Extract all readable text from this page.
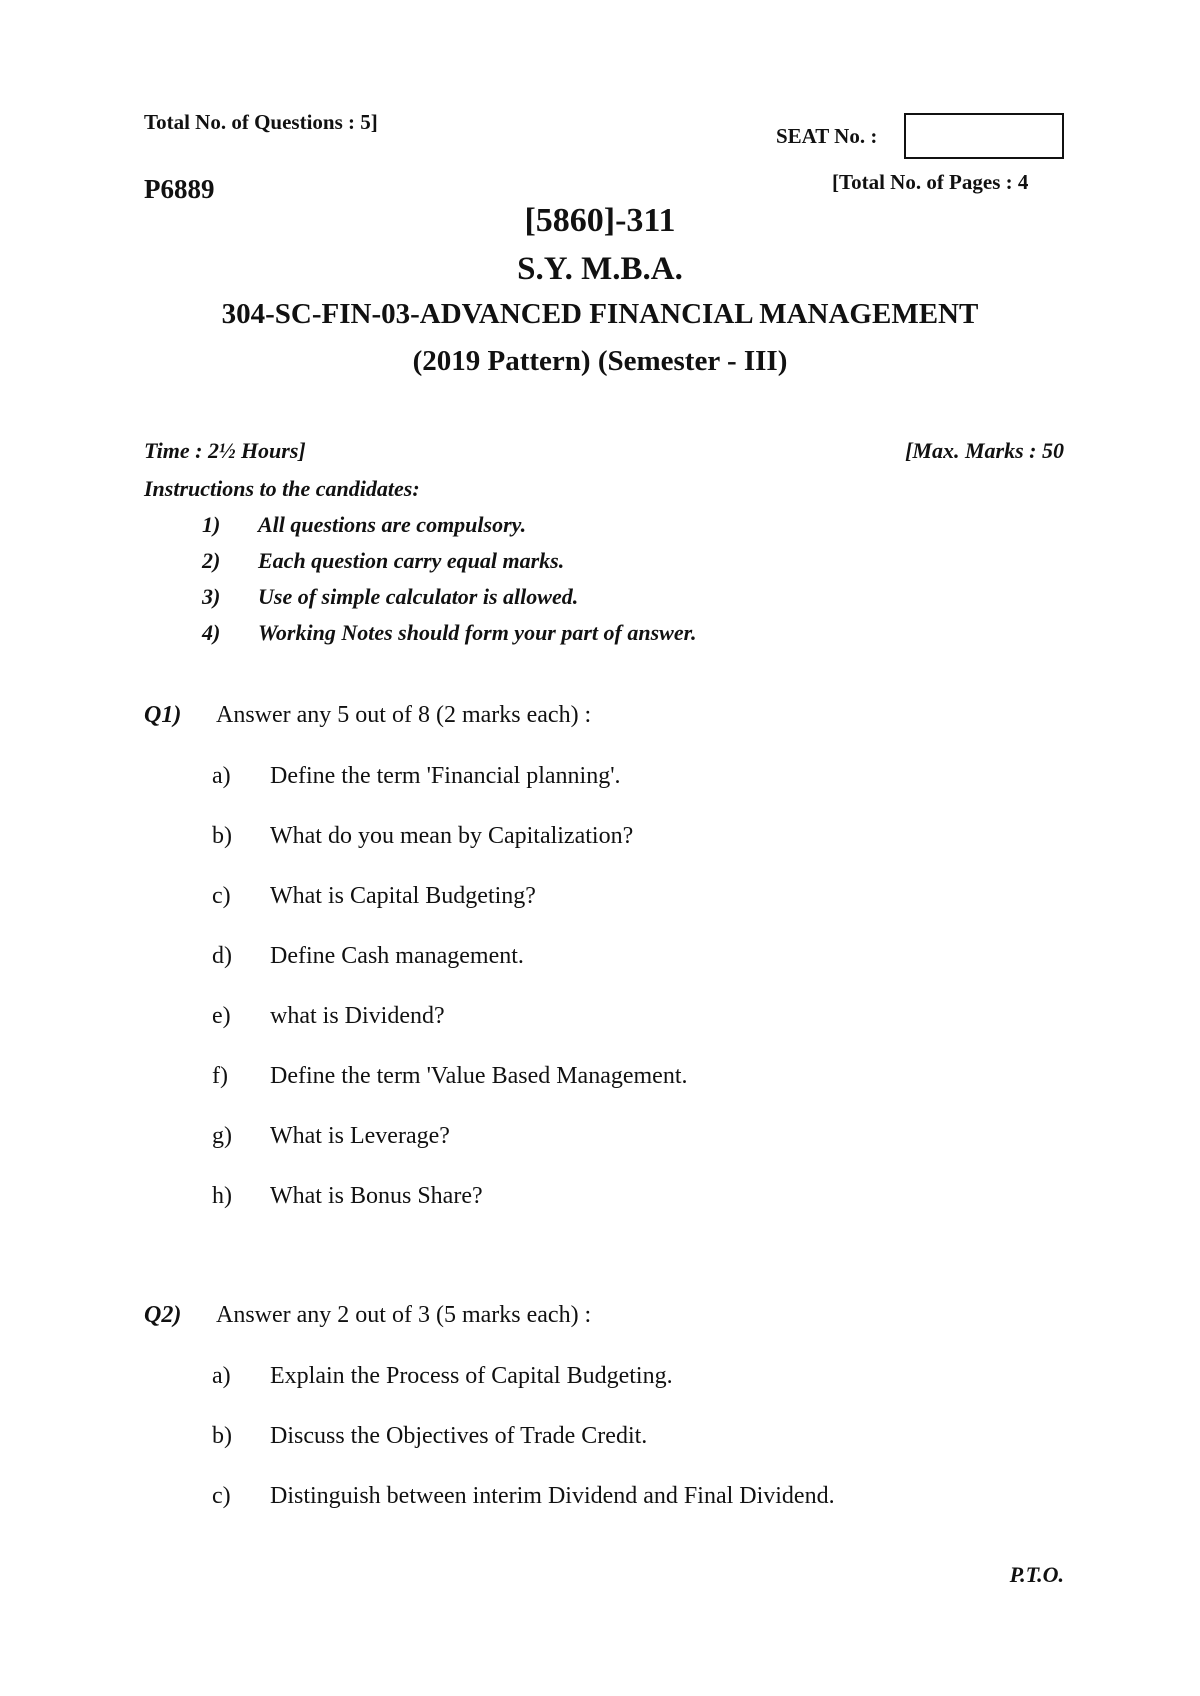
Total No. of Questions : 5]
SEAT No. :
P6889	[Total No. of Pages : 4
[5860]-311
S.Y. M.B.A.
304-SC-FIN-03-ADVANCED FINANCIAL MANAGEMENT
(2019 Pattern) (Semester - III)
Time : 2½ Hours]	[Max. Marks : 50
Instructions to the candidates:
1)	All questions are compulsory.
2)	Each question carry equal marks.
3)	Use of simple calculator is allowed.
4)	Working Notes should form your part of answer.
Q1)	Answer any 5 out of 8 (2 marks each) :
a)	Define the term 'Financial planning'.
b)	What do you mean by Capitalization?
c)	What is Capital Budgeting?
d)	Define Cash management.
e)	what is Dividend?
f)	Define the term 'Value Based Management.
g)	What is Leverage?
h)	What is Bonus Share?
Q2)	Answer any 2 out of 3 (5 marks each) :
a)	Explain the Process of Capital Budgeting.
b)	Discuss the Objectives of Trade Credit.
c)	Distinguish between interim Dividend and Final Dividend.
P.T.O.
